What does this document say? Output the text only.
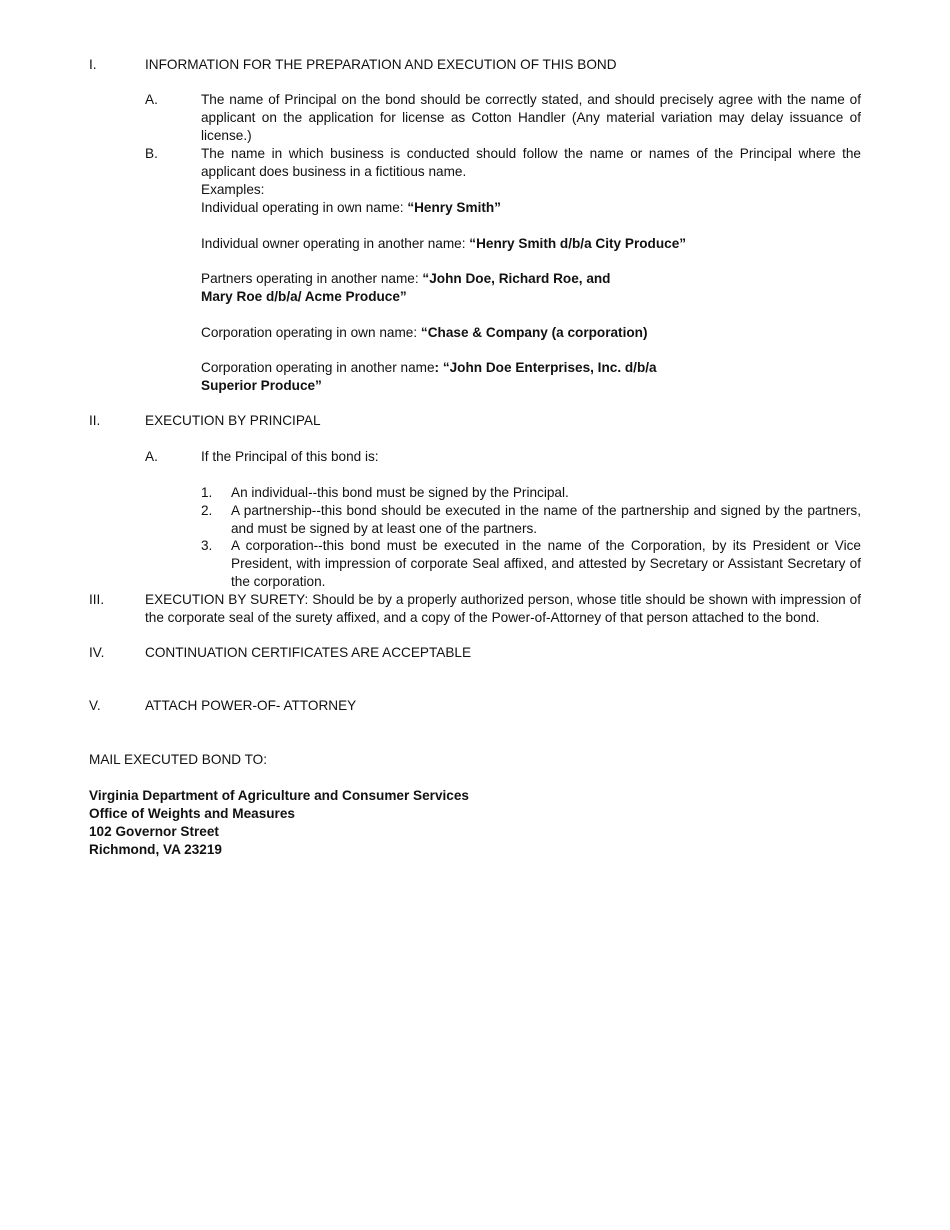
I.	INFORMATION FOR THE PREPARATION AND EXECUTION OF THIS BOND
A.	The name of Principal on the bond should be correctly stated, and should precisely agree with the name of applicant on the application for license as Cotton Handler (Any material variation may delay issuance of license.)
B.	The name in which business is conducted should follow the name or names of the Principal where the applicant does business in a fictitious name.
Examples:
Individual operating in own name: “Henry Smith”
Individual owner operating in another name: “Henry Smith d/b/a City Produce”
Partners operating in another name: “John Doe, Richard Roe, and
Mary Roe d/b/a/ Acme Produce”
Corporation operating in own name: “Chase & Company (a corporation)
Corporation operating in another name: “John Doe Enterprises, Inc. d/b/a
Superior Produce”
II.	EXECUTION BY PRINCIPAL
A.	If the Principal of this bond is:
1. An individual--this bond must be signed by the Principal.
2. A partnership--this bond should be executed in the name of the partnership and signed by the partners, and must be signed by at least one of the partners.
3. A corporation--this bond must be executed in the name of the Corporation, by its President or Vice President, with impression of corporate Seal affixed, and attested by Secretary or Assistant Secretary of the corporation.
III.	EXECUTION BY SURETY: Should be by a properly authorized person, whose title should be shown with impression of the corporate seal of the surety affixed, and a copy of the Power-of-Attorney of that person attached to the bond.
IV.	CONTINUATION CERTIFICATES ARE ACCEPTABLE
V.	ATTACH POWER-OF- ATTORNEY
MAIL EXECUTED BOND TO:
Virginia Department of Agriculture and Consumer Services
Office of Weights and Measures
102 Governor Street
Richmond, VA 23219
